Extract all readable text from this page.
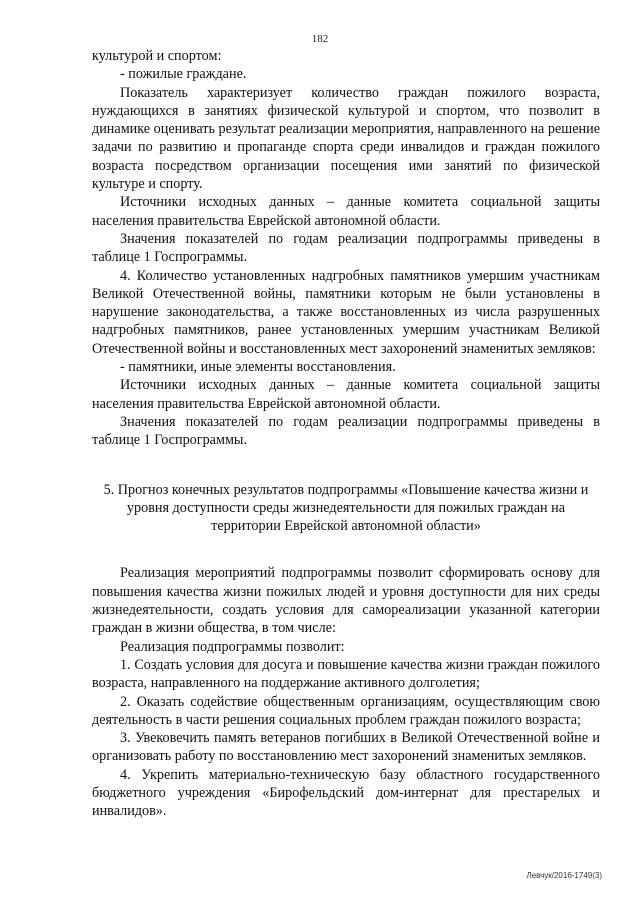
182

культурой и спортом:

- пожилые граждане.

Показатель характеризует количество граждан пожилого возраста, нуждающихся в занятиях физической культурой и спортом, что позволит в динамике оценивать результат реализации мероприятия, направленного на решение задачи по развитию и пропаганде спорта среди инвалидов и граждан пожилого возраста посредством организации посещения ими занятий по физической культуре и спорту.

Источники исходных данных – данные комитета социальной защиты населения правительства Еврейской автономной области.

Значения показателей по годам реализации подпрограммы приведены в таблице 1 Госпрограммы.

4. Количество установленных надгробных памятников умершим участникам Великой Отечественной войны, памятники которым не были установлены в нарушение законодательства, а также восстановленных из числа разрушенных надгробных памятников, ранее установленных умершим участникам Великой Отечественной войны и восстановленных мест захоронений знаменитых земляков:

- памятники, иные элементы восстановления.

Источники исходных данных – данные комитета социальной защиты населения правительства Еврейской автономной области.

Значения показателей по годам реализации подпрограммы приведены в таблице 1 Госпрограммы.

5. Прогноз конечных результатов подпрограммы «Повышение качества жизни и уровня доступности среды жизнедеятельности для пожилых граждан на территории Еврейской автономной области»

Реализация мероприятий подпрограммы позволит сформировать основу для повышения качества жизни пожилых людей и уровня доступности для них среды жизнедеятельности, создать условия для самореализации указанной категории граждан в жизни общества, в том числе:

Реализация подпрограммы позволит:

1. Создать условия для досуга и повышение качества жизни граждан пожилого возраста, направленного на поддержание активного долголетия;

2. Оказать содействие общественным организациям, осуществляющим свою деятельность в части решения социальных проблем граждан пожилого возраста;

3. Увековечить память ветеранов погибших в Великой Отечественной войне и организовать работу по восстановлению мест захоронений знаменитых земляков.

4. Укрепить материально-техническую базу областного государственного бюджетного учреждения «Бирофельдский дом-интернат для престарелых и инвалидов».

Левчук/2016-1749(3)
